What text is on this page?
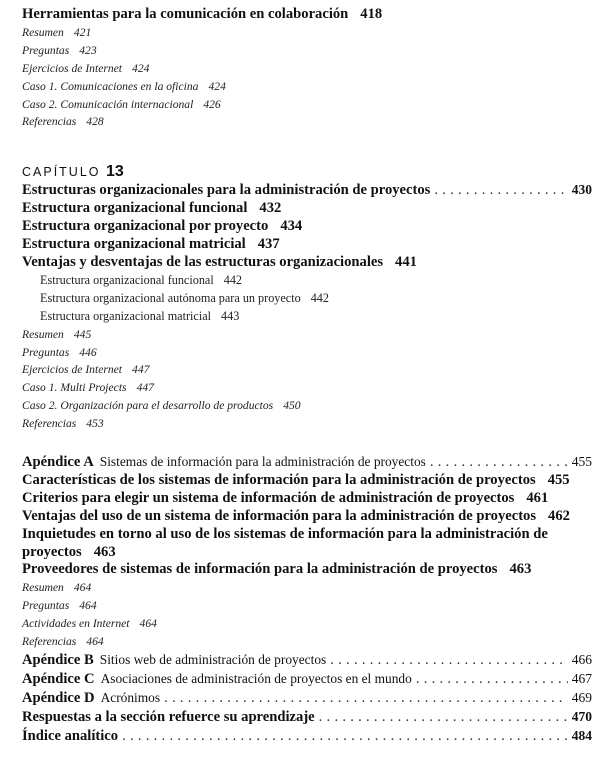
Herramientas para la comunicación en colaboración 418
Resumen 421
Preguntas 423
Ejercicios de Internet 424
Caso 1. Comunicaciones en la oficina 424
Caso 2. Comunicación internacional 426
Referencias 428
CAPÍTULO 13
Estructuras organizacionales para la administración de proyectos . . .	430
Estructura organizacional funcional 432
Estructura organizacional por proyecto 434
Estructura organizacional matricial 437
Ventajas y desventajas de las estructuras organizacionales 441
Estructura organizacional funcional 442
Estructura organizacional autónoma para un proyecto 442
Estructura organizacional matricial 443
Resumen 445
Preguntas 446
Ejercicios de Internet 447
Caso 1. Multi Projects 447
Caso 2. Organización para el desarrollo de productos 450
Referencias 453
Apéndice A Sistemas de información para la administración de proyectos . . .	455
Características de los sistemas de información para la administración de proyectos 455
Criterios para elegir un sistema de información de administración de proyectos 461
Ventajas del uso de un sistema de información para la administración de proyectos 462
Inquietudes en torno al uso de los sistemas de información para la administración de proyectos 463
Proveedores de sistemas de información para la administración de proyectos 463
Resumen 464
Preguntas 464
Actividades en Internet 464
Referencias 464
Apéndice B Sitios web de administración de proyectos . . .	466
Apéndice C Asociaciones de administración de proyectos en el mundo . . .	467
Apéndice D Acrónimos . . .	469
Respuestas a la sección refuerce su aprendizaje . . .	470
Índice analítico . . .	484
